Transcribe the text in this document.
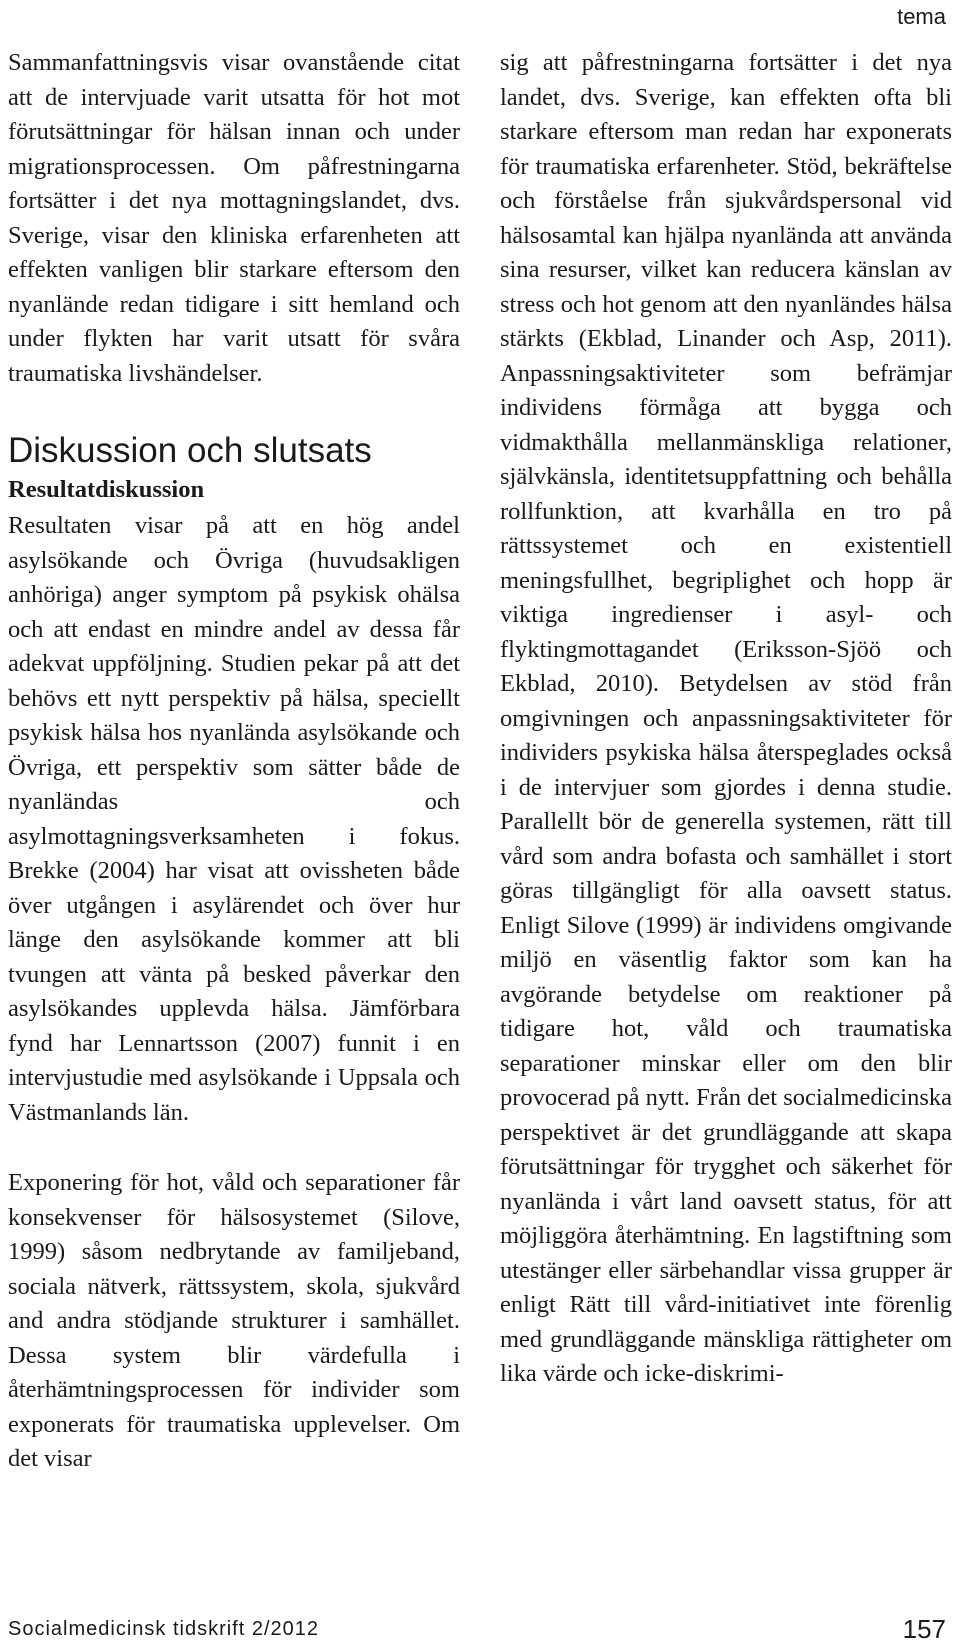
tema

Sammanfattningsvis visar ovanstående citat att de intervjuade varit utsatta för hot mot förutsättningar för hälsan innan och under migrationsprocessen. Om påfrestningarna fortsätter i det nya mottagningslandet, dvs. Sverige, visar den kliniska erfarenheten att effekten vanligen blir starkare eftersom den nyanlände redan tidigare i sitt hemland och under flykten har varit utsatt för svåra traumatiska livshändelser.

Diskussion och slutsats
Resultatdiskussion

Resultaten visar på att en hög andel asylsökande och Övriga (huvudsakligen anhöriga) anger symptom på psykisk ohälsa och att endast en mindre andel av dessa får adekvat uppföljning. Studien pekar på att det behövs ett nytt perspektiv på hälsa, speciellt psykisk hälsa hos nyanlända asylsökande och Övriga, ett perspektiv som sätter både de nyanländas och asylmottagningsverksamheten i fokus. Brekke (2004) har visat att ovissheten både över utgången i asylärendet och över hur länge den asylsökande kommer att bli tvungen att vänta på besked påverkar den asylsökandes upplevda hälsa. Jämförbara fynd har Lennartsson (2007) funnit i en intervjustudie med asylsökande i Uppsala och Västmanlands län.

Exponering för hot, våld och separationer får konsekvenser för hälsosystemet (Silove, 1999) såsom nedbrytande av familjeband, sociala nätverk, rättssystem, skola, sjukvård and andra stödjande strukturer i samhället. Dessa system blir värdefulla i återhämtningsprocessen för individer som exponerats för traumatiska upplevelser. Om det visar

sig att påfrestningarna fortsätter i det nya landet, dvs. Sverige, kan effekten ofta bli starkare eftersom man redan har exponerats för traumatiska erfarenheter. Stöd, bekräftelse och förståelse från sjukvårdspersonal vid hälsosamtal kan hjälpa nyanlända att använda sina resurser, vilket kan reducera känslan av stress och hot genom att den nyanländes hälsa stärkts (Ekblad, Linander och Asp, 2011). Anpassningsaktiviteter som befrämjar individens förmåga att bygga och vidmakthålla mellanmänskliga relationer, självkänsla, identitetsuppfattning och behålla rollfunktion, att kvarhålla en tro på rättssystemet och en existentiell meningsfullhet, begriplighet och hopp är viktiga ingredienser i asyl- och flyktingmottagandet (Eriksson-Sjöö och Ekblad, 2010). Betydelsen av stöd från omgivningen och anpassningsaktiviteter för individers psykiska hälsa återspeglades också i de intervjuer som gjordes i denna studie. Parallellt bör de generella systemen, rätt till vård som andra bofasta och samhället i stort göras tillgängligt för alla oavsett status. Enligt Silove (1999) är individens omgivande miljö en väsentlig faktor som kan ha avgörande betydelse om reaktioner på tidigare hot, våld och traumatiska separationer minskar eller om den blir provocerad på nytt. Från det socialmedicinska perspektivet är det grundläggande att skapa förutsättningar för trygghet och säkerhet för nyanlända i vårt land oavsett status, för att möjliggöra återhämtning. En lagstiftning som utestänger eller särbehandlar vissa grupper är enligt Rätt till vård-initiativet inte förenlig med grundläggande mänskliga rättigheter om lika värde och icke-diskrimi-

Socialmedicinsk tidskrift 2/2012	157
